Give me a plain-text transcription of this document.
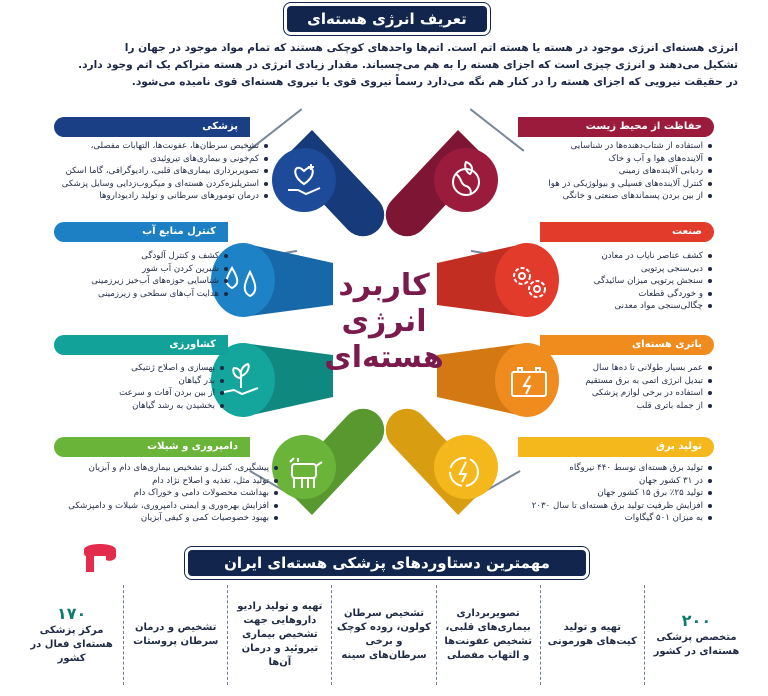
تعریف انرژی هسته‌ای
انرژی هسته‌ای انرژی موجود در هسته یا هسته اتم است. اتم‌ها واحدهای کوچکی هستند که تمام مواد موجود در جهان را
تشکیل می‌دهند و انرژی چیزی است که اجزای هسته را به هم می‌چسباند. مقدار زیادی انرژی در هسته متراکم یک اتم وجود دارد.
در حقیقت نیرویی که اجزای هسته را در کنار هم نگه می‌دارد رسماً نیروی قوی یا نیروی هسته‌ای قوی نامیده می‌شود.
کاربرد
انرژی
هسته‌ای
پزشکی
تشخیص سرطان‌ها، عفونت‌ها، التهابات مفصلی،
کم‌خونی و بیماری‌های تیروئیدی
تصویربرداری بیماری‌های قلبی، رادیوگرافی، گاما اسکن
استریلیزه‌کردن هسته‌ای و میکروب‌زدایی وسایل پزشکی
درمان تومورهای سرطانی و تولید رادیوداروها
کنترل منابع آب
کشف و کنترل آلودگی
شیرین کردن آب شور
شناسایی حوزه‌های آب‌خیز زیرزمینی
هدایت آب‌های سطحی و زیرزمینی
کشاورزی
بهسازی و اصلاح ژنتیکی
بذر گیاهان
از بین بردن آفات و سرعت
بخشیدن به رشد گیاهان
دامپروری و شیلات
پیشگیری، کنترل و تشخیص بیماری‌های دام و آبزیان
تولید مثل، تغذیه و اصلاح نژاد دام
بهداشت محصولات دامی و خوراک دام
افزایش بهره‌وری و ایمنی دامپروری، شیلات و دامپزشکی
بهبود خصوصیات کمی و کیفی آبزیان
حفاظت از محیط زیست
استفاده از شتاب‌دهنده‌ها در شناسایی
آلاینده‌های هوا و آب و خاک
ردیابی آلاینده‌های زمینی
کنترل آلاینده‌های فسیلی و بیولوژیکی در هوا
از بین بردن پسماندهای صنعتی و خانگی
صنعت
کشف عناصر نایاب در معادن
دبی‌سنجی پرتویی
سنجش پرتویی میزان سائیدگی
و خوردگی قطعات
چگالی‌سنجی مواد معدنی
باتری هسته‌ای
عمر بسیار طولانی تا ده‌ها سال
تبدیل انرژی اتمی به برق مستقیم
استفاده در برخی لوازم پزشکی
از جمله باتری قلب
تولید برق
تولید برق هسته‌ای توسط ۴۴۰ نیروگاه
در ۳۱ کشور جهان
تولید ۲۵٪ برق ۱۵ کشور جهان
افزایش ظرفیت تولید برق هسته‌ای تا سال ۲۰۳۰
به میزان ۵۰۱ گیگاوات
مهمترین دستاوردهای پزشکی هسته‌ای ایران
۲۰۰
متخصص پزشکی هسته‌ای در کشور
تهیه و تولید کیت‌های هورمونی
تصویربرداری بیماری‌های قلبی، تشخیص عفونت‌ها و التهاب مفصلی
تشخیص سرطان کولون، روده کوچک و برخی سرطان‌های سینه
تهیه و تولید رادیو داروهایی جهت تشخیص بیماری تیروئید و درمان آن‌ها
تشخیص و درمان سرطان پروستات
۱۷۰
مرکز پزشکی هسته‌ای فعال در کشور
